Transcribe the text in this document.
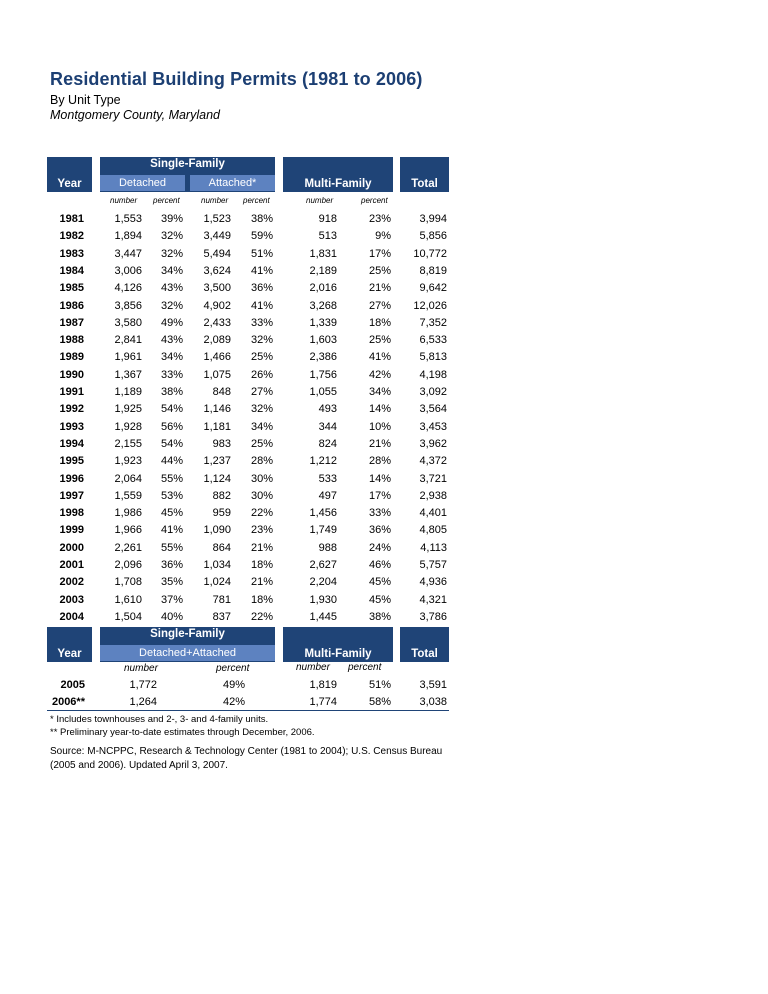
Residential Building Permits (1981 to 2006)
By Unit Type
Montgomery County, Maryland
Year
Single-Family
Detached	Attached*	Multi-Family	Total
number percent	number percent	number	percent
1981	1,553	39%	1,523	38%	918	23%	3,994
1982	1,894	32%	3,449	59%	513	9%	5,856
1983	3,447	32%	5,494	51%	1,831	17%	10,772
1984	3,006	34%	3,624	41%	2,189	25%	8,819
1985	4,126	43%	3,500	36%	2,016	21%	9,642
1986	3,856	32%	4,902	41%	3,268	27%	12,026
1987	3,580	49%	2,433	33%	1,339	18%	7,352
1988	2,841	43%	2,089	32%	1,603	25%	6,533
1989	1,961	34%	1,466	25%	2,386	41%	5,813
1990	1,367	33%	1,075	26%	1,756	42%	4,198
1991	1,189	38%	848	27%	1,055	34%	3,092
1992	1,925	54%	1,146	32%	493	14%	3,564
1993	1,928	56%	1,181	34%	344	10%	3,453
1994	2,155	54%	983	25%	824	21%	3,962
1995	1,923	44%	1,237	28%	1,212	28%	4,372
1996	2,064	55%	1,124	30%	533	14%	3,721
1997	1,559	53%	882	30%	497	17%	2,938
1998	1,986	45%	959	22%	1,456	33%	4,401
1999	1,966	41%	1,090	23%	1,749	36%	4,805
2000	2,261	55%	864	21%	988	24%	4,113
2001	2,096	36%	1,034	18%	2,627	46%	5,757
2002	1,708	35%	1,024	21%	2,204	45%	4,936
2003	1,610	37%	781	18%	1,930	45%	4,321
2004	1,504	40%	837	22%	1,445	38%	3,786
Year
Single-Family
Detached+Attached	Multi-Family	Total
number	percent	number percent
2005	1,772	49%	1,819	51%	3,591
2006**	1,264	42%	1,774	58%	3,038
* Includes townhouses and 2-, 3- and 4-family units.
** Preliminary year-to-date estimates through December, 2006.
Source: M-NCPPC, Research & Technology Center (1981 to 2004); U.S. Census Bureau (2005 and 2006). Updated April 3, 2007.
